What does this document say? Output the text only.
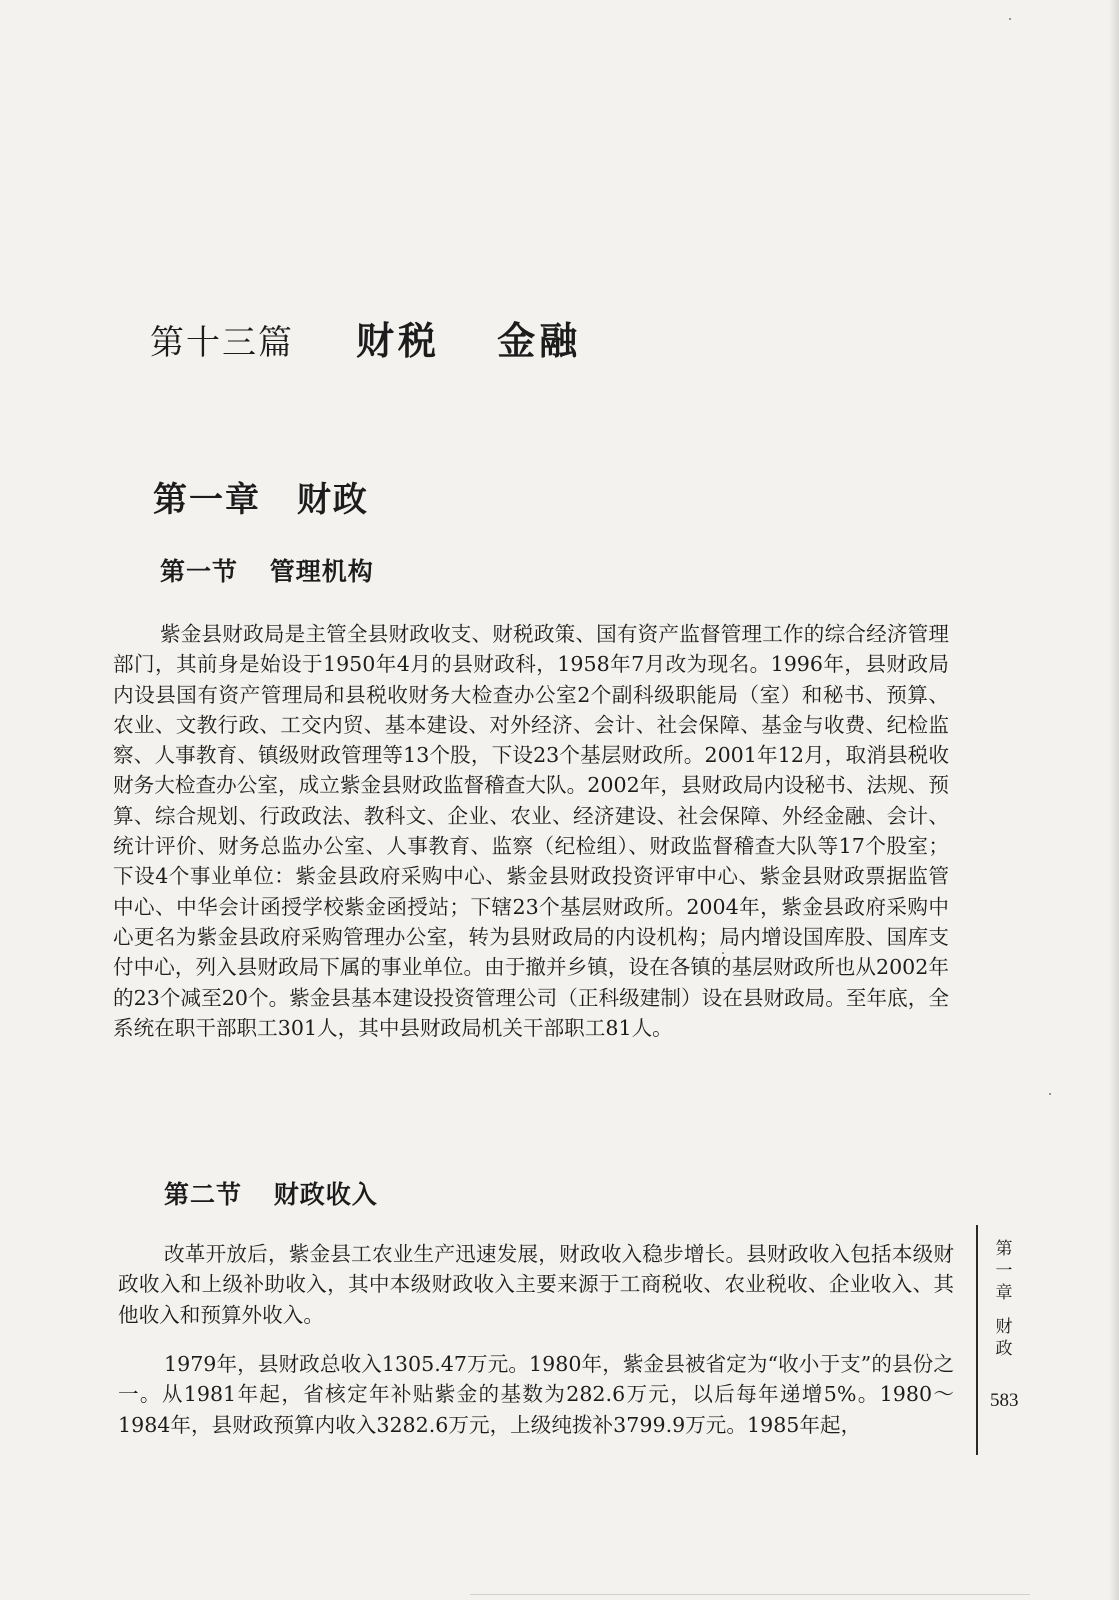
第十三篇 财税 金融
第一章 财政
第一节 管理机构

紫金县财政局是主管全县财政收支、财税政策、国有资产监督管理工作的综合经济管理部门，其前身是始设于1950年4月的县财政科，1958年7月改为现名。1996年，县财政局内设县国有资产管理局和县税收财务大检查办公室2个副科级职能局（室）和秘书、预算、农业、文教行政、工交内贸、基本建设、对外经济、会计、社会保障、基金与收费、纪检监察、人事教育、镇级财政管理等13个股，下设23个基层财政所。2001年12月，取消县税收财务大检查办公室，成立紫金县财政监督稽查大队。2002年，县财政局内设秘书、法规、预算、综合规划、行政政法、教科文、企业、农业、经济建设、社会保障、外经金融、会计、统计评价、财务总监办公室、人事教育、监察（纪检组）、财政监督稽查大队等17个股室；下设4个事业单位：紫金县政府采购中心、紫金县财政投资评审中心、紫金县财政票据监管中心、中华会计函授学校紫金函授站；下辖23个基层财政所。2004年，紫金县政府采购中心更名为紫金县政府采购管理办公室，转为县财政局的内设机构；局内增设国库股、国库支付中心，列入县财政局下属的事业单位。由于撤并乡镇，设在各镇的基层财政所也从2002年的23个减至20个。紫金县基本建设投资管理公司（正科级建制）设在县财政局。至年底，全系统在职干部职工301人，其中县财政局机关干部职工81人。

第二节 财政收入

改革开放后，紫金县工农业生产迅速发展，财政收入稳步增长。县财政收入包括本级财政收入和上级补助收入，其中本级财政收入主要来源于工商税收、农业税收、企业收入、其他收入和预算外收入。

1979年，县财政总收入1305.47万元。1980年，紫金县被省定为“收小于支”的县份之一。从1981年起，省核定年补贴紫金的基数为282.6万元，以后每年递增5%。1980～1984年，县财政预算内收入3282.6万元，上级纯拨补3799.9万元。1985年起，

第一章
财政
583
